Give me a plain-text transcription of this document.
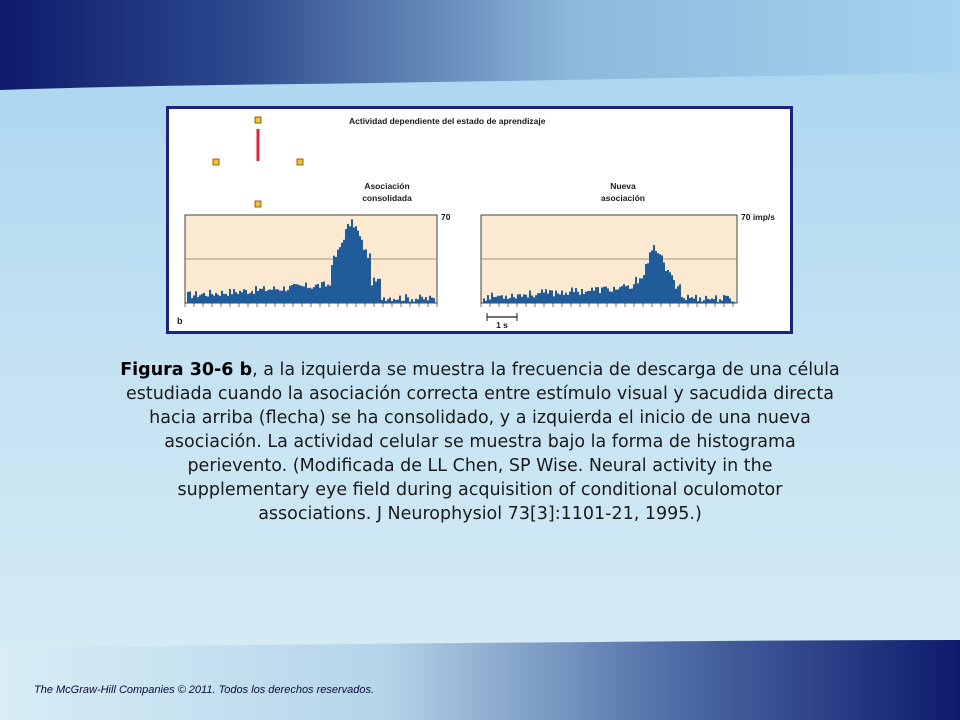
Actividad dependiente del estado de aprendizaje
Asociación
consolidada
Nueva
asociación
70	70 imp/s
1 s
b
Figura 30-6 b, a la izquierda se muestra la frecuencia de descarga de una célula estudiada cuando la asociación correcta entre estímulo visual y sacudida directa hacia arriba (flecha) se ha consolidado, y a izquierda el inicio de una nueva asociación. La actividad celular se muestra bajo la forma de histograma perievento. (Modificada de LL Chen, SP Wise. Neural activity in the supplementary eye field during acquisition of conditional oculomotor associations. J Neurophysiol 73[3]:1101-21, 1995.)
The McGraw-Hill Companies © 2011. Todos los derechos reservados.
